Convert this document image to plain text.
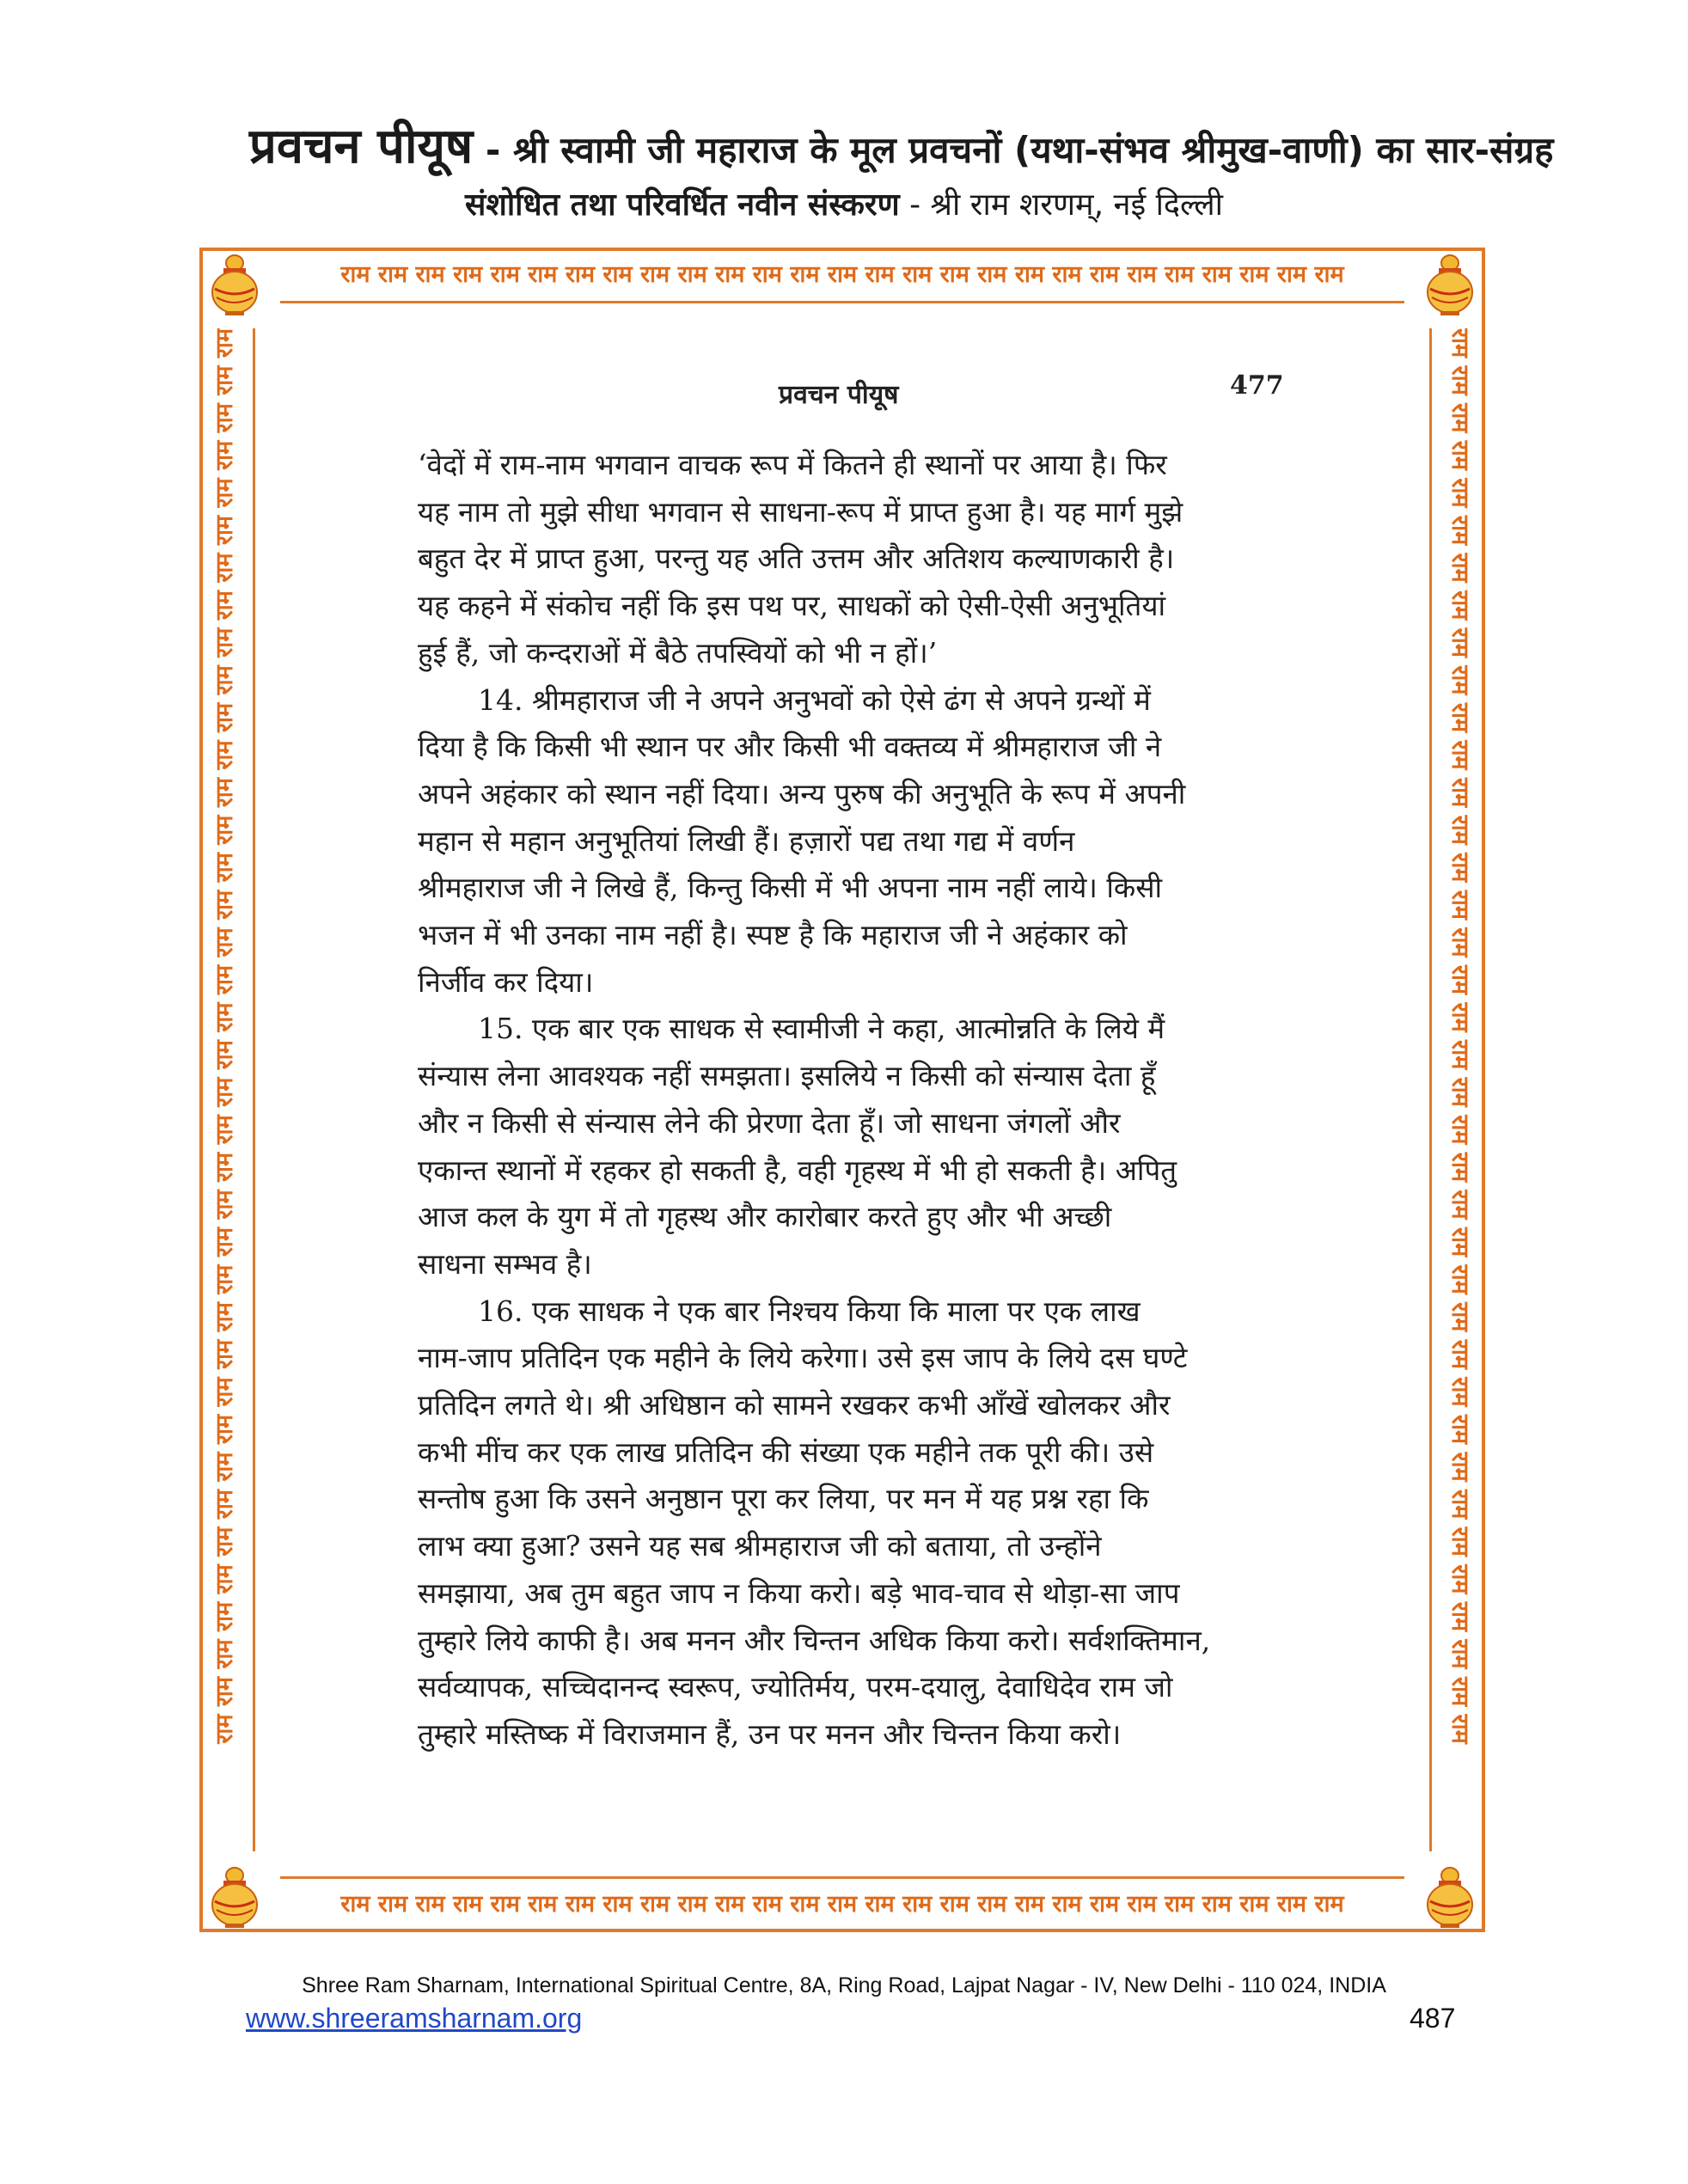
प्रवचन पीयूष - श्री स्वामी जी महाराज के मूल प्रवचनों (यथा-संभव श्रीमुख-वाणी) का सार-संग्रह
संशोधित तथा परिवर्धित नवीन संस्करण - श्री राम शरणम्, नई दिल्ली
राम राम राम राम राम राम राम राम राम राम राम राम राम राम राम राम राम राम राम राम राम राम राम राम राम राम राम
राम राम राम राम राम राम राम राम राम राम राम राम राम राम राम राम राम राम राम राम राम राम राम राम राम राम राम
राम राम राम राम राम राम राम राम राम राम राम राम राम राम राम राम राम राम राम राम राम राम राम राम राम राम राम राम राम राम राम राम राम राम राम राम राम राम	राम राम राम राम राम राम राम राम राम राम राम राम राम राम राम राम राम राम राम राम राम राम राम राम राम राम राम राम राम राम राम राम राम राम राम राम राम राम
प्रवचन पीयूष	477
‘वेदों में राम-नाम भगवान वाचक रूप में कितने ही स्थानों पर आया है। फिर
यह नाम तो मुझे सीधा भगवान से साधना-रूप में प्राप्त हुआ है। यह मार्ग मुझे
बहुत देर में प्राप्त हुआ, परन्तु यह अति उत्तम और अतिशय कल्याणकारी है।
यह कहने में संकोच नहीं कि इस पथ पर, साधकों को ऐसी-ऐसी अनुभूतियां
हुई हैं, जो कन्दराओं में बैठे तपस्वियों को भी न हों।’
14. श्रीमहाराज जी ने अपने अनुभवों को ऐसे ढंग से अपने ग्रन्थों में
दिया है कि किसी भी स्थान पर और किसी भी वक्तव्य में श्रीमहाराज जी ने
अपने अहंकार को स्थान नहीं दिया। अन्य पुरुष की अनुभूति के रूप में अपनी
महान से महान अनुभूतियां लिखी हैं। हज़ारों पद्य तथा गद्य में वर्णन
श्रीमहाराज जी ने लिखे हैं, किन्तु किसी में भी अपना नाम नहीं लाये। किसी
भजन में भी उनका नाम नहीं है। स्पष्ट है कि महाराज जी ने अहंकार को
निर्जीव कर दिया।
15. एक बार एक साधक से स्वामीजी ने कहा, आत्मोन्नति के लिये मैं
संन्यास लेना आवश्यक नहीं समझता। इसलिये न किसी को संन्यास देता हूँ
और न किसी से संन्यास लेने की प्रेरणा देता हूँ। जो साधना जंगलों और
एकान्त स्थानों में रहकर हो सकती है, वही गृहस्थ में भी हो सकती है। अपितु
आज कल के युग में तो गृहस्थ और कारोबार करते हुए और भी अच्छी
साधना सम्भव है।
16. एक साधक ने एक बार निश्चय किया कि माला पर एक लाख
नाम-जाप प्रतिदिन एक महीने के लिये करेगा। उसे इस जाप के लिये दस घण्टे
प्रतिदिन लगते थे। श्री अधिष्ठान को सामने रखकर कभी आँखें खोलकर और
कभी मींच कर एक लाख प्रतिदिन की संख्या एक महीने तक पूरी की। उसे
सन्तोष हुआ कि उसने अनुष्ठान पूरा कर लिया, पर मन में यह प्रश्न रहा कि
लाभ क्या हुआ? उसने यह सब श्रीमहाराज जी को बताया, तो उन्होंने
समझाया, अब तुम बहुत जाप न किया करो। बड़े भाव-चाव से थोड़ा-सा जाप
तुम्हारे लिये काफी है। अब मनन और चिन्तन अधिक किया करो। सर्वशक्तिमान,
सर्वव्यापक, सच्चिदानन्द स्वरूप, ज्योतिर्मय, परम-दयालु, देवाधिदेव राम जो
तुम्हारे मस्तिष्क में विराजमान हैं, उन पर मनन और चिन्तन किया करो।
Shree Ram Sharnam, International Spiritual Centre, 8A, Ring Road, Lajpat Nagar - IV, New Delhi - 110 024, INDIA
www.shreeramsharnam.org	487
